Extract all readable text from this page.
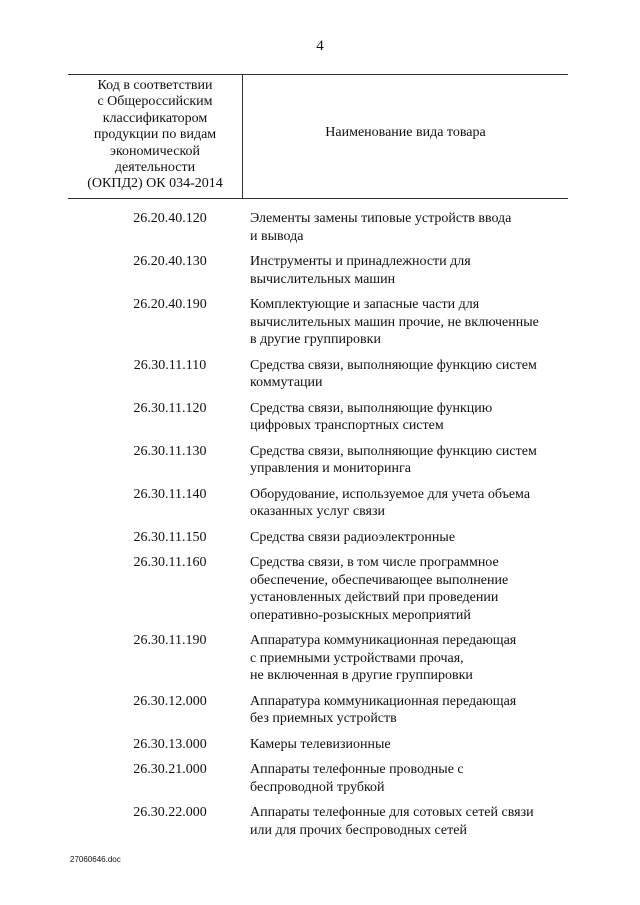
4
Код в соответствии
с Общероссийским
классификатором
продукции по видам
экономической
деятельности
(ОКПД2) ОК 034-2014
Наименование вида товара
26.20.40.120	Элементы замены типовые устройств ввода
и вывода
26.20.40.130	Инструменты и принадлежности для
вычислительных машин
26.20.40.190	Комплектующие и запасные части для
вычислительных машин прочие, не включенные
в другие группировки
26.30.11.110	Средства связи, выполняющие функцию систем
коммутации
26.30.11.120	Средства связи, выполняющие функцию
цифровых транспортных систем
26.30.11.130	Средства связи, выполняющие функцию систем
управления и мониторинга
26.30.11.140	Оборудование, используемое для учета объема
оказанных услуг связи
26.30.11.150	Средства связи радиоэлектронные
26.30.11.160	Средства связи, в том числе программное
обеспечение, обеспечивающее выполнение
установленных действий при проведении
оперативно-розыскных мероприятий
26.30.11.190	Аппаратура коммуникационная передающая
с приемными устройствами прочая,
не включенная в другие группировки
26.30.12.000	Аппаратура коммуникационная передающая
без приемных устройств
26.30.13.000	Камеры телевизионные
26.30.21.000	Аппараты телефонные проводные с
беспроводной трубкой
26.30.22.000	Аппараты телефонные для сотовых сетей связи
или для прочих беспроводных сетей
27060646.doc
